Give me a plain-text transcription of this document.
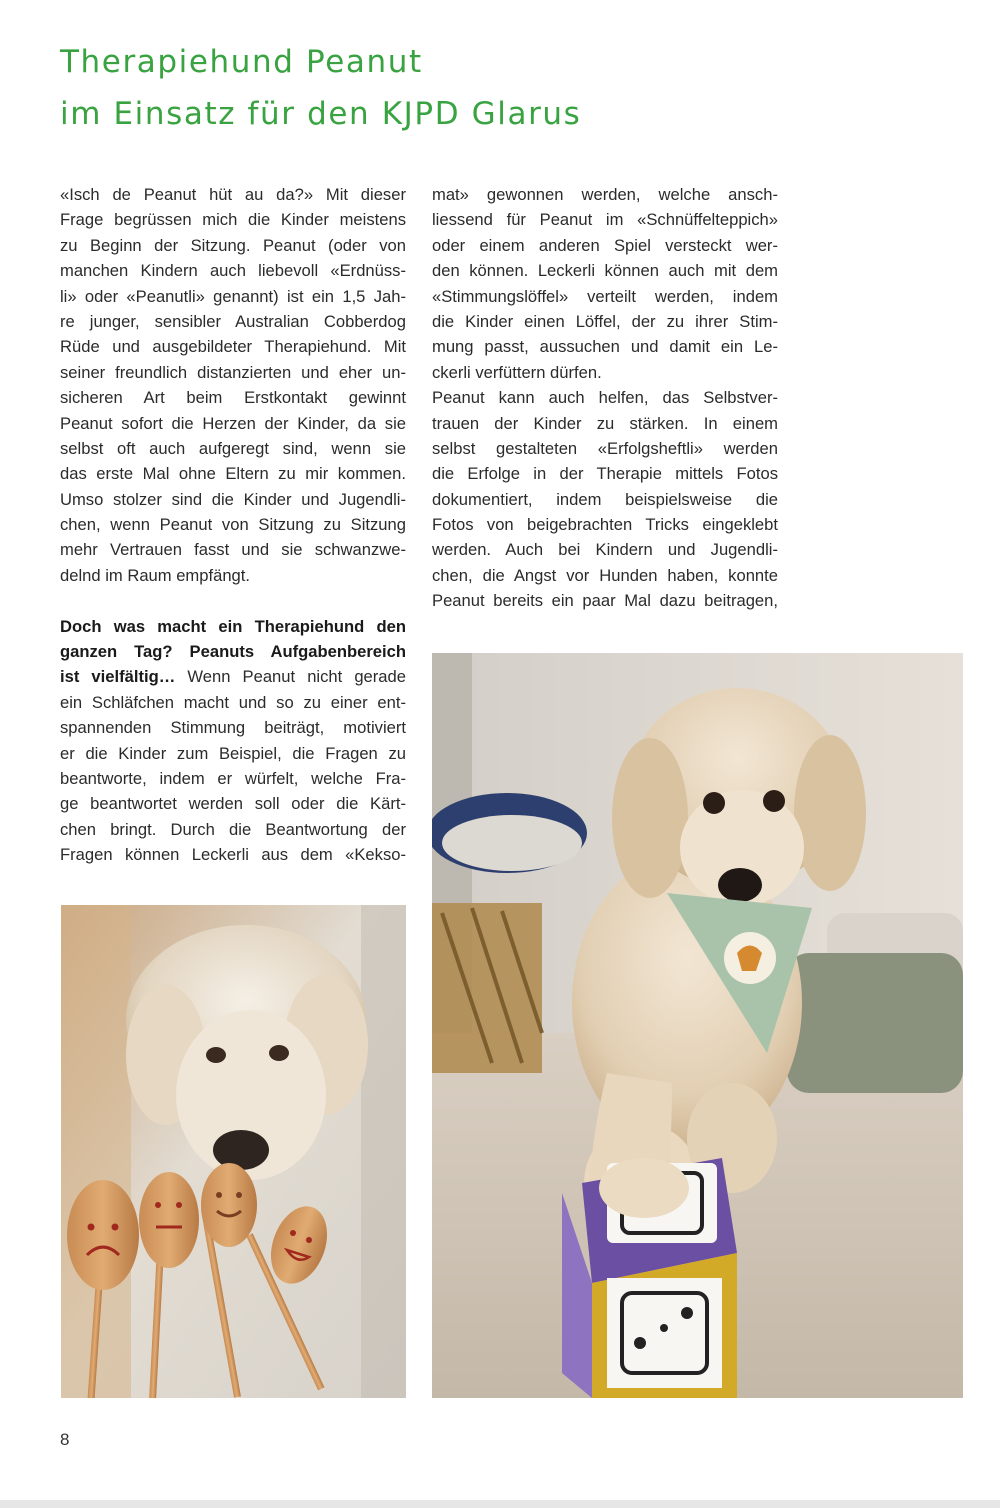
Therapiehund Peanut
im Einsatz für den KJPD Glarus
«Isch de Peanut hüt au da?» Mit dieser
Frage begrüssen mich die Kinder meistens
zu Beginn der Sitzung. Peanut (oder von
manchen Kindern auch liebevoll «Erdnüss-
li» oder «Peanutli» genannt) ist ein 1,5 Jah-
re junger, sensibler Australian Cobberdog
Rüde und ausgebildeter Therapiehund. Mit
seiner freundlich distanzierten und eher un-
sicheren Art beim Erstkontakt gewinnt
Peanut sofort die Herzen der Kinder, da sie
selbst oft auch aufgeregt sind, wenn sie
das erste Mal ohne Eltern zu mir kommen.
Umso stolzer sind die Kinder und Jugendli-
chen, wenn Peanut von Sitzung zu Sitzung
mehr Vertrauen fasst und sie schwanzwe-
delnd im Raum empfängt.
Doch was macht ein Therapiehund den
ganzen Tag? Peanuts Aufgabenbereich
ist vielfältig… Wenn Peanut nicht gerade
ein Schläfchen macht und so zu einer ent-
spannenden Stimmung beiträgt, motiviert
er die Kinder zum Beispiel, die Fragen zu
beantworte, indem er würfelt, welche Fra-
ge beantwortet werden soll oder die Kärt-
chen bringt. Durch die Beantwortung der
Fragen können Leckerli aus dem «Kekso-
mat» gewonnen werden, welche ansch-
liessend für Peanut im «Schnüffelteppich»
oder einem anderen Spiel versteckt wer-
den können. Leckerli können auch mit dem
«Stimmungslöffel» verteilt werden, indem
die Kinder einen Löffel, der zu ihrer Stim-
mung passt, aussuchen und damit ein Le-
ckerli verfüttern dürfen.
Peanut kann auch helfen, das Selbstver-
trauen der Kinder zu stärken. In einem
selbst gestalteten «Erfolgsheftli» werden
die Erfolge in der Therapie mittels Fotos
dokumentiert, indem beispielsweise die
Fotos von beigebrachten Tricks eingeklebt
werden. Auch bei Kindern und Jugendli-
chen, die Angst vor Hunden haben, konnte
Peanut bereits ein paar Mal dazu beitragen,
8
